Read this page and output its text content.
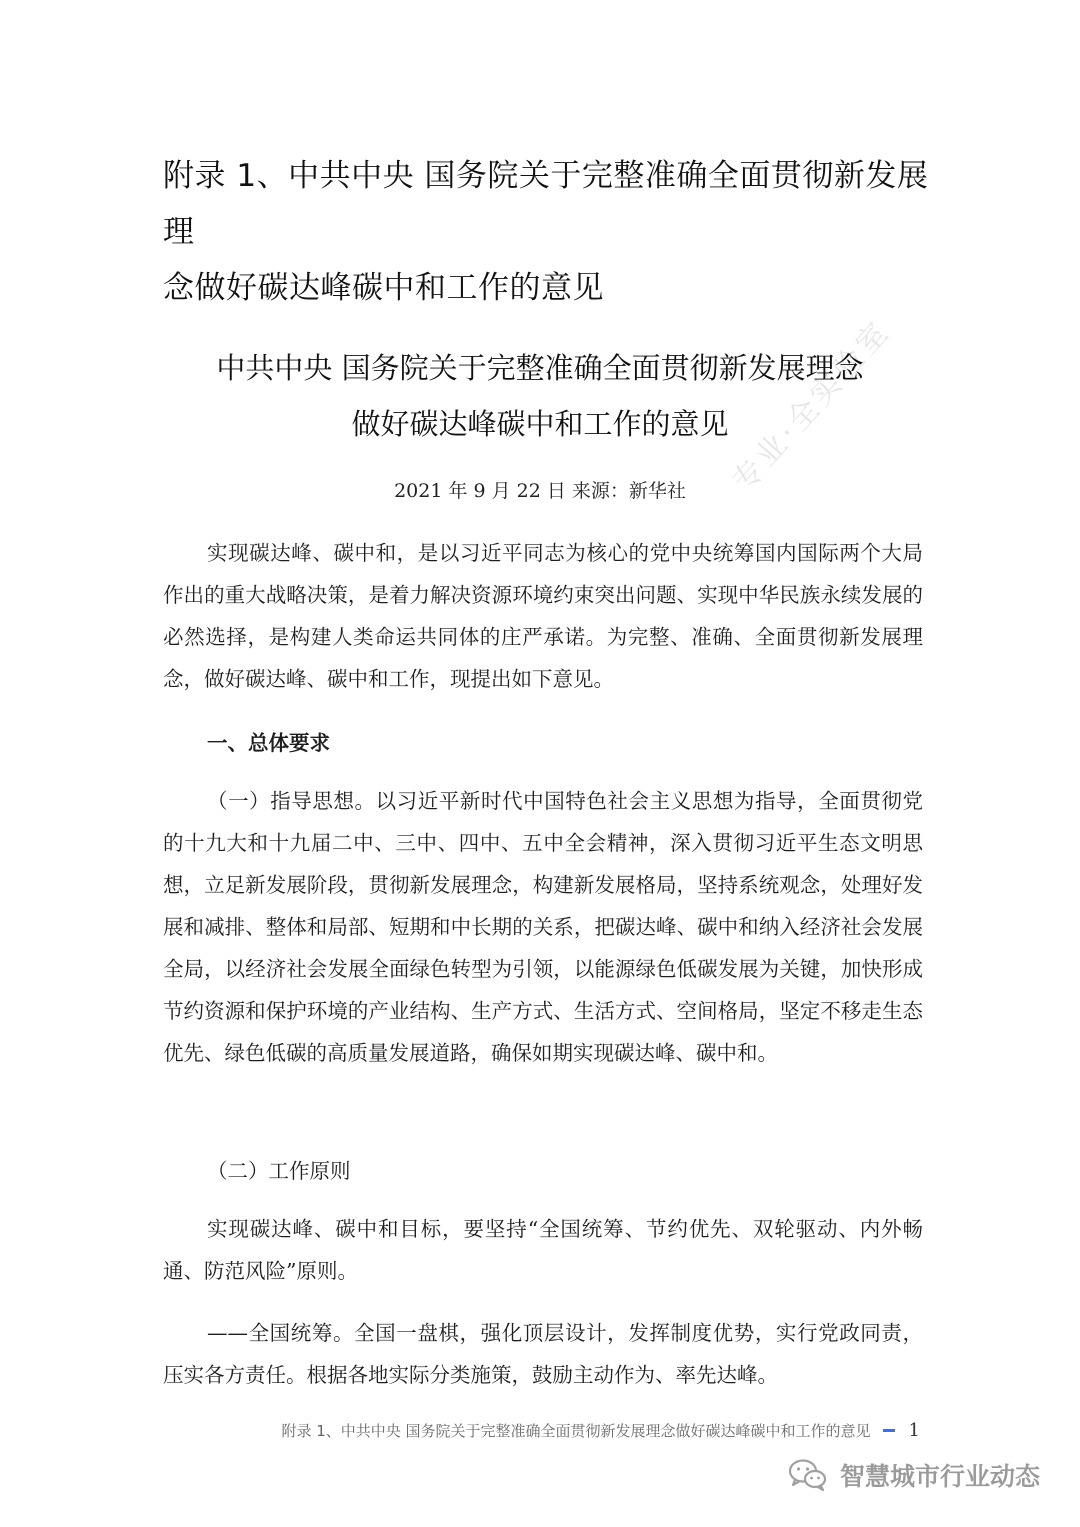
附录 1、中共中央 国务院关于完整准确全面贯彻新发展理
念做好碳达峰碳中和工作的意见
专业·全实验室
中共中央 国务院关于完整准确全面贯彻新发展理念
做好碳达峰碳中和工作的意见
2021 年 9 月 22 日 来源：新华社

实现碳达峰、碳中和，是以习近平同志为核心的党中央统筹国内国际两个大局作出的重大战略决策，是着力解决资源环境约束突出问题、实现中华民族永续发展的必然选择，是构建人类命运共同体的庄严承诺。为完整、准确、全面贯彻新发展理念，做好碳达峰、碳中和工作，现提出如下意见。

一、总体要求

（一）指导思想。以习近平新时代中国特色社会主义思想为指导，全面贯彻党的十九大和十九届二中、三中、四中、五中全会精神，深入贯彻习近平生态文明思想，立足新发展阶段，贯彻新发展理念，构建新发展格局，坚持系统观念，处理好发展和减排、整体和局部、短期和中长期的关系，把碳达峰、碳中和纳入经济社会发展全局，以经济社会发展全面绿色转型为引领，以能源绿色低碳发展为关键，加快形成节约资源和保护环境的产业结构、生产方式、生活方式、空间格局，坚定不移走生态优先、绿色低碳的高质量发展道路，确保如期实现碳达峰、碳中和。

（二）工作原则

实现碳达峰、碳中和目标，要坚持“全国统筹、节约优先、双轮驱动、内外畅通、防范风险”原则。

——全国统筹。全国一盘棋，强化顶层设计，发挥制度优势，实行党政同责，压实各方责任。根据各地实际分类施策，鼓励主动作为、率先达峰。

附录 1、中共中央 国务院关于完整准确全面贯彻新发展理念做好碳达峰碳中和工作的意见 1
智慧城市行业动态
